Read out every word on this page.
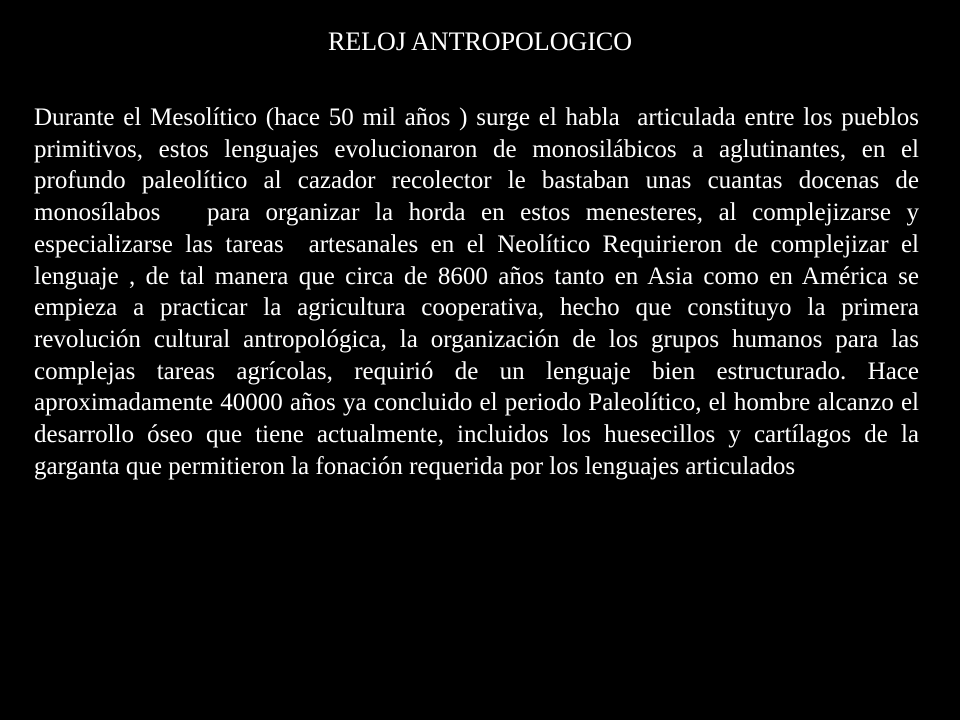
RELOJ ANTROPOLOGICO

Durante el Mesolítico (hace 50 mil años ) surge el habla  articulada entre los pueblos primitivos, estos lenguajes evolucionaron de monosilábicos a aglutinantes, en el profundo paleolítico al cazador recolector le bastaban unas cuantas docenas de monosílabos   para organizar la horda en estos menesteres, al complejizarse y especializarse las tareas  artesanales en el Neolítico Requirieron de complejizar el lenguaje , de tal manera que circa de 8600 años tanto en Asia como en América se empieza a practicar la agricultura cooperativa, hecho que constituyo la primera revolución cultural antropológica, la organización de los grupos humanos para las complejas tareas agrícolas, requirió de un lenguaje bien estructurado. Hace aproximadamente 40000 años ya concluido el periodo Paleolítico, el hombre alcanzo el desarrollo óseo que tiene actualmente, incluidos los huesecillos y cartílagos de la garganta que permitieron la fonación requerida por los lenguajes articulados
